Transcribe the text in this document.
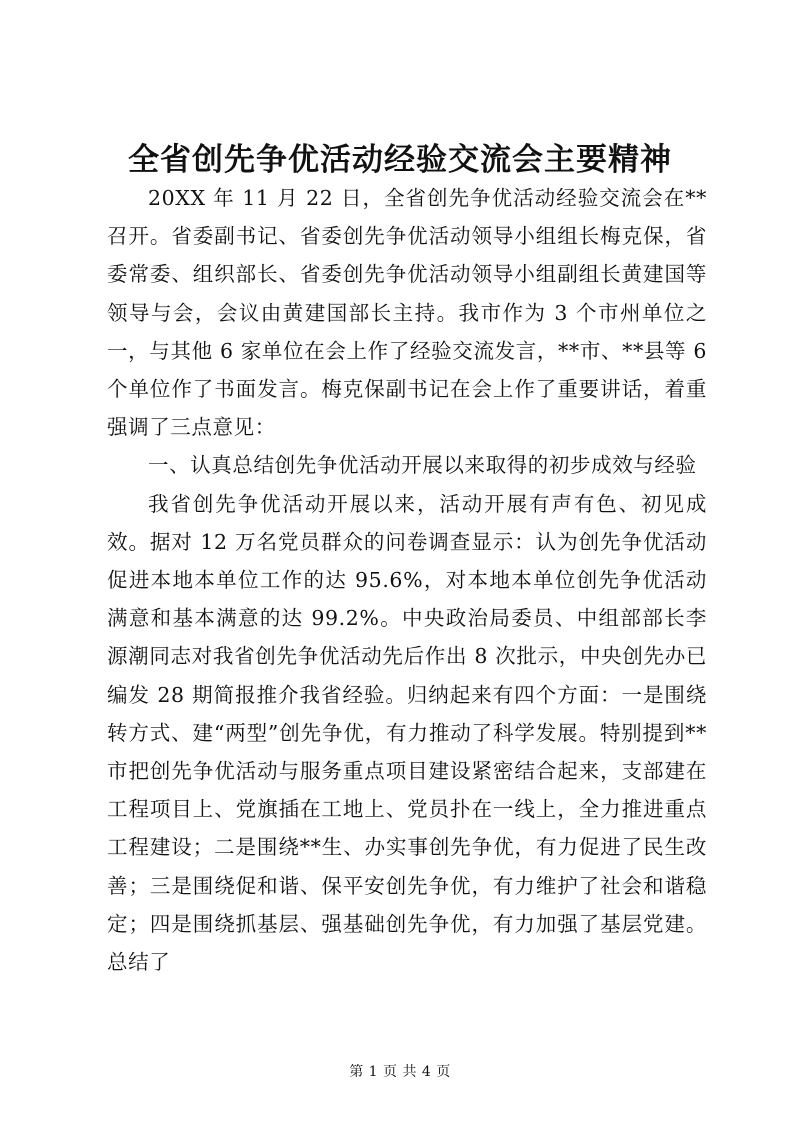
全省创先争优活动经验交流会主要精神

20XX 年 11 月 22 日，全省创先争优活动经验交流会在**召开。省委副书记、省委创先争优活动领导小组组长梅克保，省委常委、组织部长、省委创先争优活动领导小组副组长黄建国等领导与会，会议由黄建国部长主持。我市作为 3 个市州单位之一，与其他 6 家单位在会上作了经验交流发言，**市、**县等 6 个单位作了书面发言。梅克保副书记在会上作了重要讲话，着重强调了三点意见：

一、认真总结创先争优活动开展以来取得的初步成效与经验

我省创先争优活动开展以来，活动开展有声有色、初见成效。据对 12 万名党员群众的问卷调查显示：认为创先争优活动促进本地本单位工作的达 95.6%，对本地本单位创先争优活动满意和基本满意的达 99.2%。中央政治局委员、中组部部长李源潮同志对我省创先争优活动先后作出 8 次批示，中央创先办已编发 28 期简报推介我省经验。归纳起来有四个方面：一是围绕转方式、建“两型”创先争优，有力推动了科学发展。特别提到**市把创先争优活动与服务重点项目建设紧密结合起来，支部建在工程项目上、党旗插在工地上、党员扑在一线上，全力推进重点工程建设；二是围绕**生、办实事创先争优，有力促进了民生改善；三是围绕促和谐、保平安创先争优，有力维护了社会和谐稳定；四是围绕抓基层、强基础创先争优，有力加强了基层党建。总结了

第 1 页 共 4 页
